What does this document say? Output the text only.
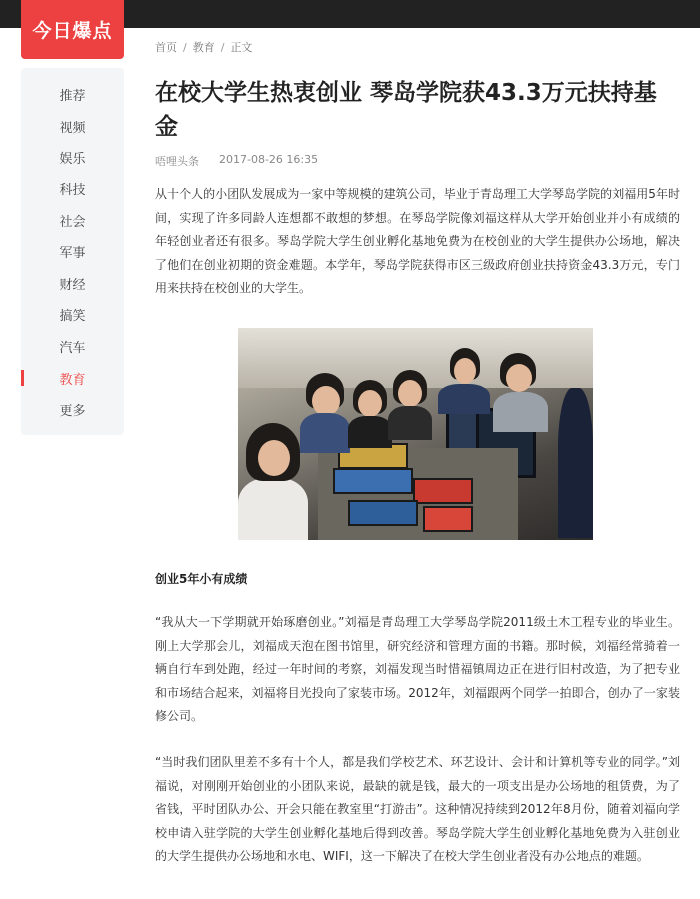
今日爆点
推荐
视频
娱乐
科技
社会
军事
财经
搞笑
汽车
教育
更多
首页 / 教育 / 正文
在校大学生热衷创业 琴岛学院获43.3万元扶持基金
唔哩头条 2017-08-26 16:35

从十个人的小团队发展成为一家中等规模的建筑公司，毕业于青岛理工大学琴岛学院的刘福用5年时间，实现了许多同龄人连想都不敢想的梦想。在琴岛学院像刘福这样从大学开始创业并小有成绩的年轻创业者还有很多。琴岛学院大学生创业孵化基地免费为在校创业的大学生提供办公场地，解决了他们在创业初期的资金难题。本学年，琴岛学院获得市区三级政府创业扶持资金43.3万元，专门用来扶持在校创业的大学生。

创业5年小有成绩

“我从大一下学期就开始琢磨创业。”刘福是青岛理工大学琴岛学院2011级土木工程专业的毕业生。刚上大学那会儿，刘福成天泡在图书馆里，研究经济和管理方面的书籍。那时候，刘福经常骑着一辆自行车到处跑，经过一年时间的考察，刘福发现当时惜福镇周边正在进行旧村改造，为了把专业和市场结合起来，刘福将目光投向了家装市场。2012年，刘福跟两个同学一拍即合，创办了一家装修公司。

“当时我们团队里差不多有十个人，都是我们学校艺术、环艺设计、会计和计算机等专业的同学。”刘福说，对刚刚开始创业的小团队来说，最缺的就是钱，最大的一项支出是办公场地的租赁费，为了省钱，平时团队办公、开会只能在教室里“打游击”。这种情况持续到2012年8月份，随着刘福向学校申请入驻学院的大学生创业孵化基地后得到改善。琴岛学院大学生创业孵化基地免费为入驻创业的大学生提供办公场地和水电、WIFI，这一下解决了在校大学生创业者没有办公地点的难题。
